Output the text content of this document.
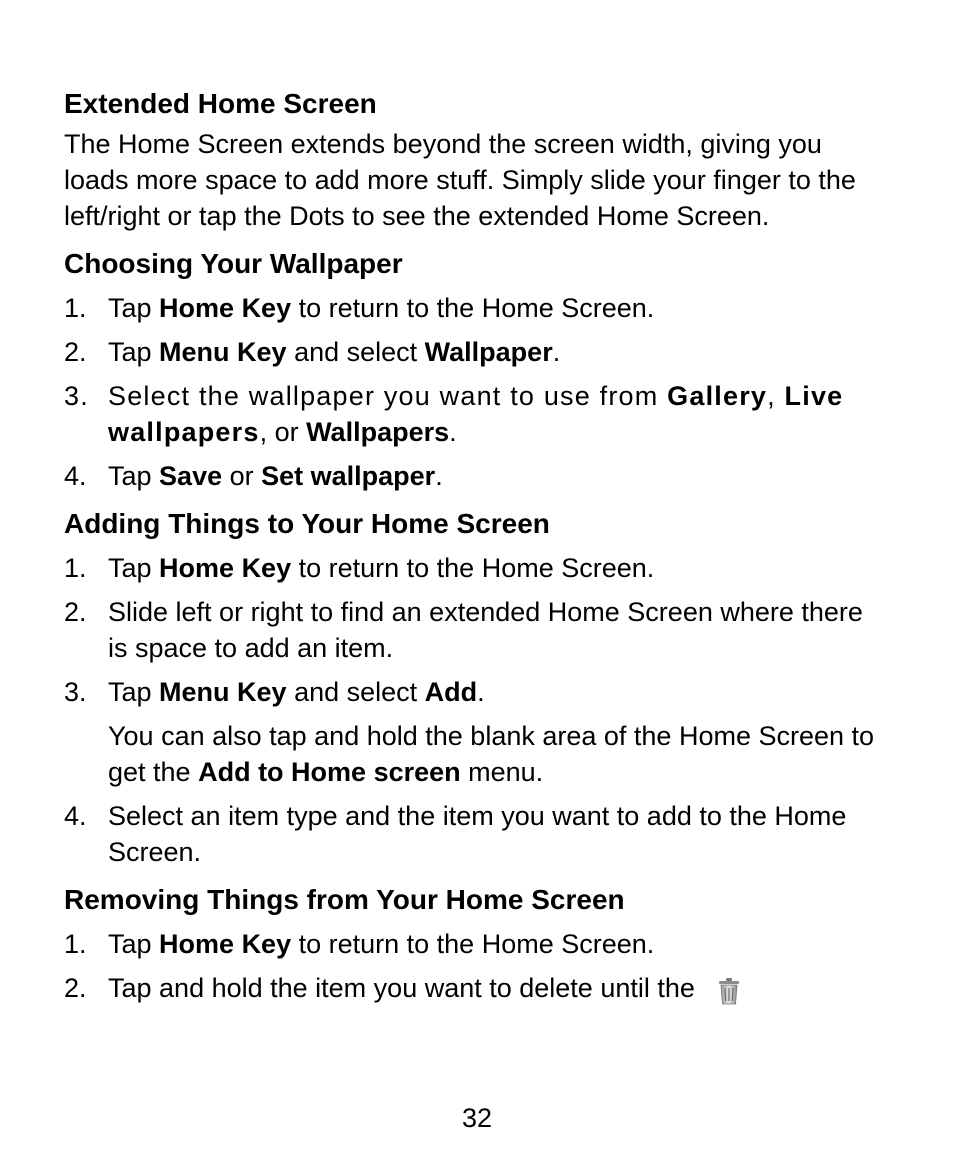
Extended Home Screen

The Home Screen extends beyond the screen width, giving you loads more space to add more stuff. Simply slide your finger to the left/right or tap the Dots to see the extended Home Screen.

Choosing Your Wallpaper
1. Tap Home Key to return to the Home Screen.
2. Tap Menu Key and select Wallpaper.
3. Select the wallpaper you want to use from Gallery, Live wallpapers, or Wallpapers.
4. Tap Save or Set wallpaper.
Adding Things to Your Home Screen
1. Tap Home Key to return to the Home Screen.
2. Slide left or right to find an extended Home Screen where there is space to add an item.
3. Tap Menu Key and select Add.
You can also tap and hold the blank area of the Home Screen to get the Add to Home screen menu.
4. Select an item type and the item you want to add to the Home Screen.
Removing Things from Your Home Screen
1. Tap Home Key to return to the Home Screen.
2. Tap and hold the item you want to delete until the
32
